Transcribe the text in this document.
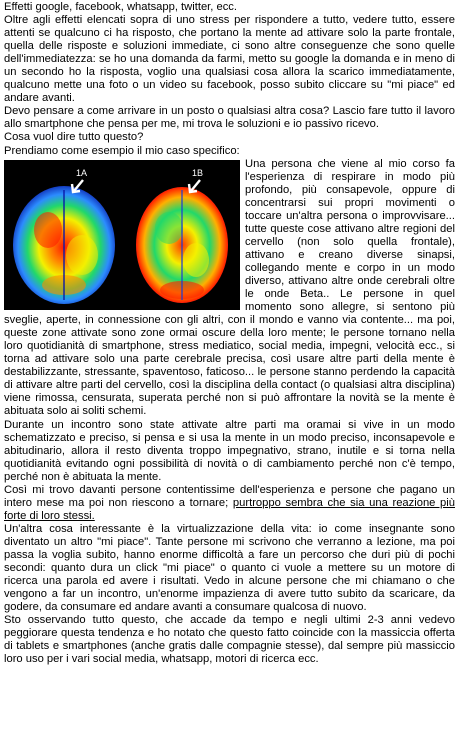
Effetti google, facebook, whatsapp, twitter, ecc.

Oltre agli effetti elencati sopra di uno stress per rispondere a tutto, vedere tutto, essere attenti se qualcuno ci ha risposto, che portano la mente ad attivare solo la parte frontale, quella delle risposte e soluzioni immediate, ci sono altre conseguenze che sono quelle dell'immediatezza: se ho una domanda da farmi, metto su google la domanda e in meno di un secondo ho la risposta, voglio una qualsiasi cosa allora la scarico immediatamente, qualcuno mette una foto o un video su facebook, posso subito cliccare su "mi piace" ed andare avanti.

Devo pensare a come arrivare in un posto o qualsiasi altra cosa? Lascio fare tutto il lavoro allo smartphone che pensa per me, mi trova le soluzioni e io passivo ricevo.

Cosa vuol dire tutto questo?

Prendiamo come esempio il mio caso specifico:

1A	1B

Una persona che viene al mio corso fa l'esperienza di respirare in modo più profondo, più consapevole, oppure di concentrarsi sui propri movimenti o toccare un'altra persona o improvvisare... tutte queste cose attivano altre regioni del cervello (non solo quella frontale), attivano e creano diverse sinapsi, collegando mente e corpo in un modo diverso, attivano altre onde cerebrali oltre le onde Beta.. Le persone in quel momento sono allegre, si sentono più sveglie, aperte, in connessione con gli altri, con il mondo e vanno via contente... ma poi, queste zone attivate sono zone ormai oscure della loro mente; le persone tornano nella loro quotidianità di smartphone, stress mediatico, social media, impegni, velocità ecc., si torna ad attivare solo una parte cerebrale precisa, così usare altre parti della mente è destabilizzante, stressante, spaventoso, faticoso... le persone stanno perdendo la capacità di attivare altre parti del cervello, così la disciplina della contact (o qualsiasi altra disciplina) viene rimossa, censurata, superata perché non si può affrontare la novità se la mente è abituata solo ai soliti schemi.

Durante un incontro sono state attivate altre parti ma oramai si vive in un modo schematizzato e preciso, si pensa e si usa la mente in un modo preciso, inconsapevole e abitudinario, allora il resto diventa troppo impegnativo, strano, inutile e si torna nella quotidianità evitando ogni possibilità di novità o di cambiamento perché non c'è tempo, perché non è abituata la mente.

Così mi trovo davanti persone contentissime dell'esperienza e persone che pagano un intero mese ma poi non riescono a tornare; purtroppo sembra che sia una reazione più forte di loro stessi.

Un'altra cosa interessante è la virtualizzazione della vita: io come insegnante sono diventato un altro "mi piace". Tante persone mi scrivono che verranno a lezione, ma poi passa la voglia subito, hanno enorme difficoltà a fare un percorso che duri più di pochi secondi: quanto dura un click "mi piace" o quanto ci vuole a mettere su un motore di ricerca una parola ed avere i risultati. Vedo in alcune persone che mi chiamano o che vengono a far un incontro, un'enorme impazienza di avere tutto subito da scaricare, da godere, da consumare ed andare avanti a consumare qualcosa di nuovo.

Sto osservando tutto questo, che accade da tempo e negli ultimi 2-3 anni vedevo peggiorare questa tendenza e ho notato che questo fatto coincide con la massiccia offerta di tablets e smartphones (anche gratis dalle compagnie stesse), dal sempre più massiccio loro uso per i vari social media, whatsapp, motori di ricerca ecc.
